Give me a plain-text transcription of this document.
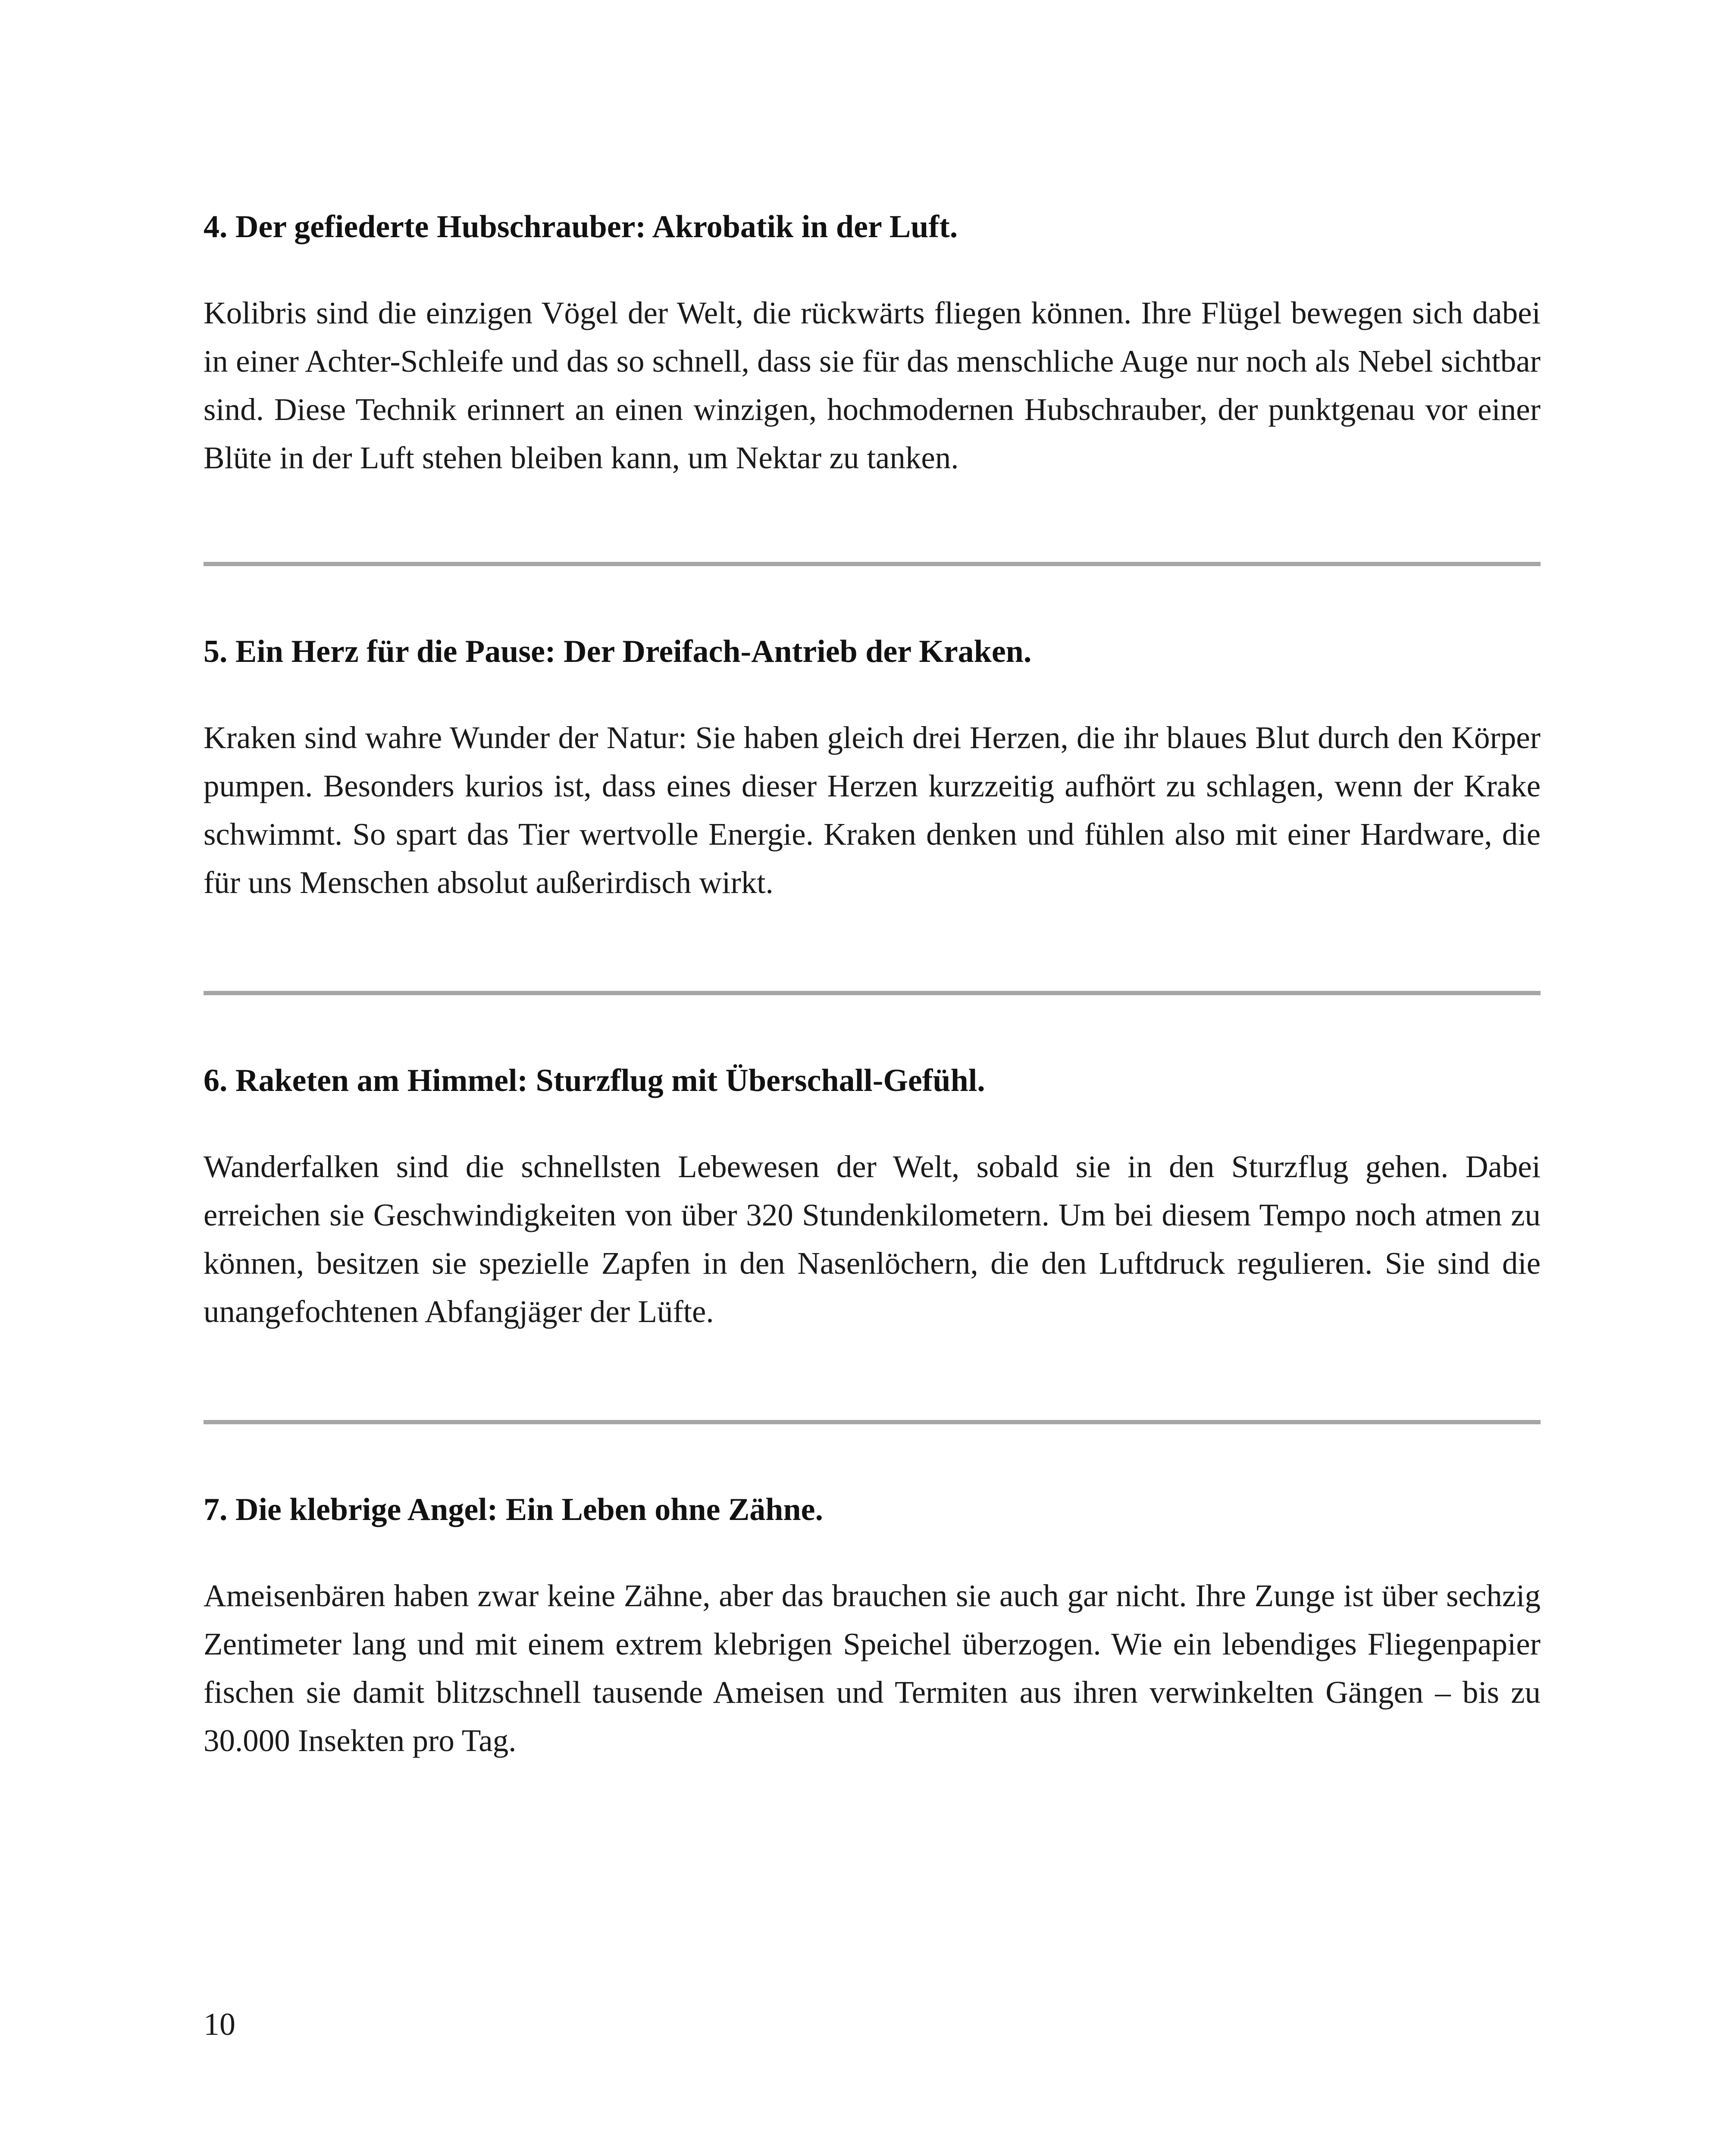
4. Der gefiederte Hubschrauber: Akrobatik in der Luft.

Kolibris sind die einzigen Vögel der Welt, die rückwärts fliegen können. Ihre Flügel bewegen sich dabei in einer Achter-Schleife und das so schnell, dass sie für das menschliche Auge nur noch als Nebel sichtbar sind. Diese Technik erinnert an einen winzigen, hochmodernen Hubschrauber, der punktgenau vor einer Blüte in der Luft stehen bleiben kann, um Nektar zu tanken.

5. Ein Herz für die Pause: Der Dreifach-Antrieb der Kraken.

Kraken sind wahre Wunder der Natur: Sie haben gleich drei Herzen, die ihr blaues Blut durch den Körper pumpen. Besonders kurios ist, dass eines dieser Herzen kurzzeitig aufhört zu schlagen, wenn der Krake schwimmt. So spart das Tier wertvolle Energie. Kraken denken und fühlen also mit einer Hardware, die für uns Menschen absolut außerirdisch wirkt.

6. Raketen am Himmel: Sturzflug mit Überschall-Gefühl.

Wanderfalken sind die schnellsten Lebewesen der Welt, sobald sie in den Sturzflug gehen. Dabei erreichen sie Geschwindigkeiten von über 320 Stundenkilometern. Um bei diesem Tempo noch atmen zu können, besitzen sie spezielle Zapfen in den Nasenlöchern, die den Luftdruck regulieren. Sie sind die unangefochtenen Abfangjäger der Lüfte.

7. Die klebrige Angel: Ein Leben ohne Zähne.

Ameisenbären haben zwar keine Zähne, aber das brauchen sie auch gar nicht. Ihre Zunge ist über sechzig Zentimeter lang und mit einem extrem klebrigen Speichel überzogen. Wie ein lebendiges Fliegenpapier fischen sie damit blitzschnell tausende Ameisen und Termiten aus ihren verwinkelten Gängen – bis zu 30.000 Insekten pro Tag.

10
